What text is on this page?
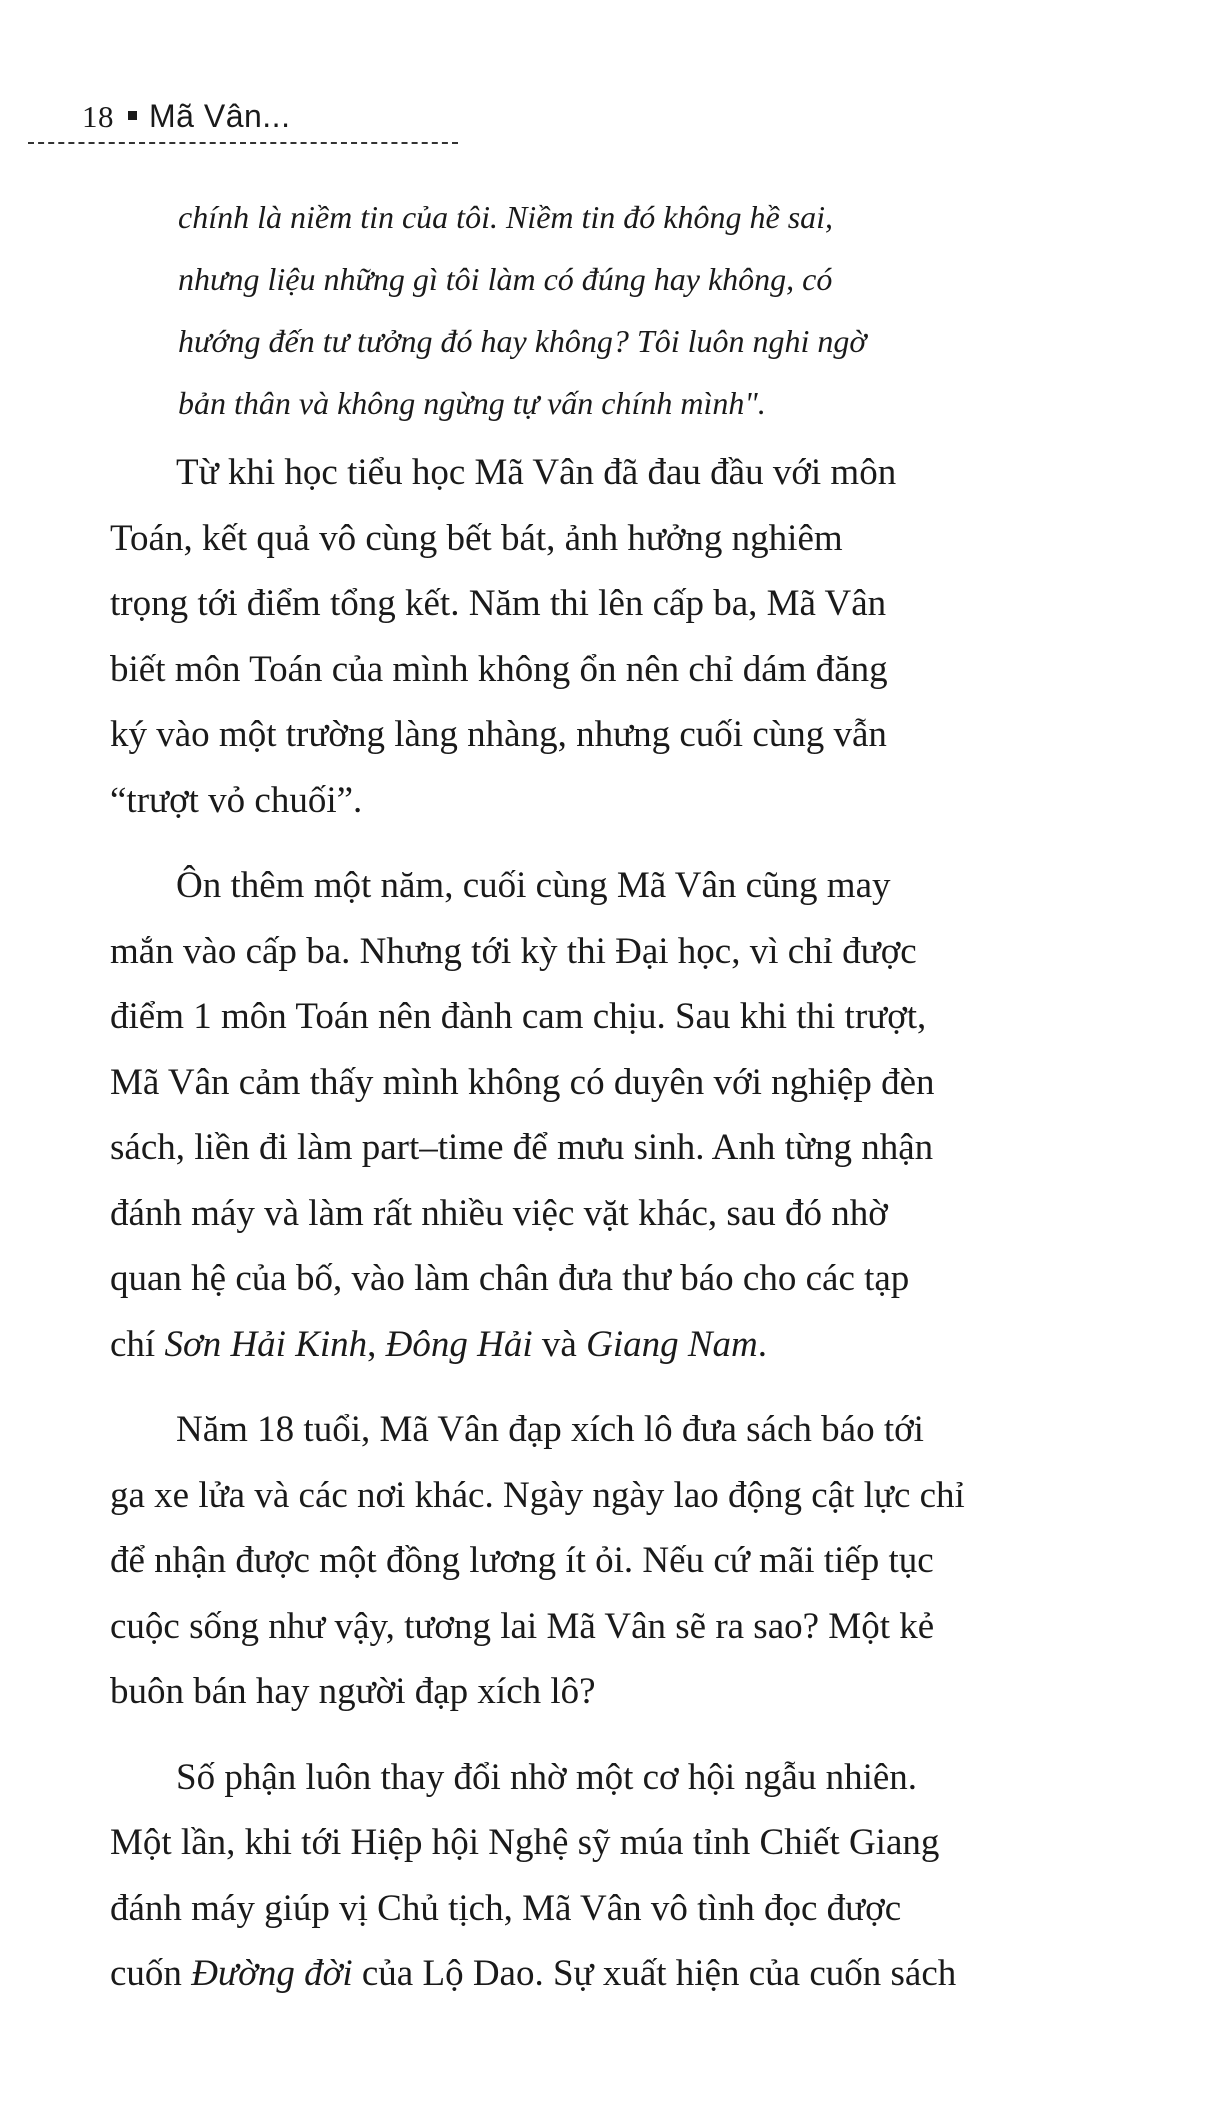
18 Mã Vân...
chính là niềm tin của tôi. Niềm tin đó không hề sai,
nhưng liệu những gì tôi làm có đúng hay không, có
hướng đến tư tưởng đó hay không? Tôi luôn nghi ngờ
bản thân và không ngừng tự vấn chính mình".
Từ khi học tiểu học Mã Vân đã đau đầu với môn
Toán, kết quả vô cùng bết bát, ảnh hưởng nghiêm
trọng tới điểm tổng kết. Năm thi lên cấp ba, Mã Vân
biết môn Toán của mình không ổn nên chỉ dám đăng
ký vào một trường làng nhàng, nhưng cuối cùng vẫn
“trượt vỏ chuối”.
Ôn thêm một năm, cuối cùng Mã Vân cũng may
mắn vào cấp ba. Nhưng tới kỳ thi Đại học, vì chỉ được
điểm 1 môn Toán nên đành cam chịu. Sau khi thi trượt,
Mã Vân cảm thấy mình không có duyên với nghiệp đèn
sách, liền đi làm part–time để mưu sinh. Anh từng nhận
đánh máy và làm rất nhiều việc vặt khác, sau đó nhờ
quan hệ của bố, vào làm chân đưa thư báo cho các tạp
chí Sơn Hải Kinh, Đông Hải và Giang Nam.
Năm 18 tuổi, Mã Vân đạp xích lô đưa sách báo tới
ga xe lửa và các nơi khác. Ngày ngày lao động cật lực chỉ
để nhận được một đồng lương ít ỏi. Nếu cứ mãi tiếp tục
cuộc sống như vậy, tương lai Mã Vân sẽ ra sao? Một kẻ
buôn bán hay người đạp xích lô?
Số phận luôn thay đổi nhờ một cơ hội ngẫu nhiên.
Một lần, khi tới Hiệp hội Nghệ sỹ múa tỉnh Chiết Giang
đánh máy giúp vị Chủ tịch, Mã Vân vô tình đọc được
cuốn Đường đời của Lộ Dao. Sự xuất hiện của cuốn sách
